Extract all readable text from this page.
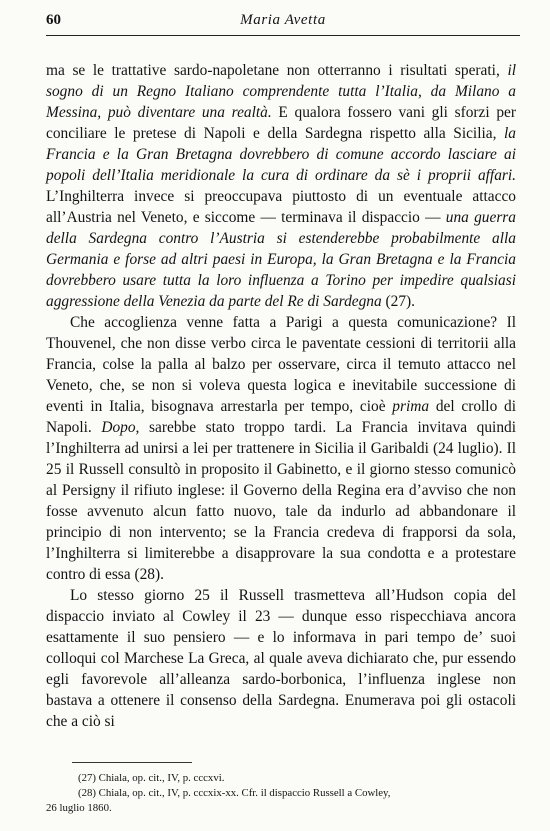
60	Maria Avetta

ma se le trattative sardo-napoletane non otterranno i risultati sperati, il sogno di un Regno Italiano comprendente tutta l’Italia, da Milano a Messina, può diventare una realtà. E qualora fossero vani gli sforzi per conciliare le pretese di Napoli e della Sardegna rispetto alla Sicilia, la Francia e la Gran Bretagna dovrebbero di comune accordo lasciare ai popoli dell’Italia meridionale la cura di ordinare da sè i proprii affari. L’Inghilterra invece si preoccupava piuttosto di un eventuale attacco all’Austria nel Veneto, e siccome — terminava il dispaccio — una guerra della Sardegna contro l’Austria si estenderebbe probabilmente alla Germania e forse ad altri paesi in Europa, la Gran Bretagna e la Francia dovrebbero usare tutta la loro influenza a Torino per impedire qualsiasi aggressione della Venezia da parte del Re di Sardegna (27).

Che accoglienza venne fatta a Parigi a questa comunicazione? Il Thouvenel, che non disse verbo circa le paventate cessioni di territorii alla Francia, colse la palla al balzo per osservare, circa il temuto attacco nel Veneto, che, se non si voleva questa logica e inevitabile successione di eventi in Italia, bisognava arrestarla per tempo, cioè prima del crollo di Napoli. Dopo, sarebbe stato troppo tardi. La Francia invitava quindi l’Inghilterra ad unirsi a lei per trattenere in Sicilia il Garibaldi (24 luglio). Il 25 il Russell consultò in proposito il Gabinetto, e il giorno stesso comunicò al Persigny il rifiuto inglese: il Governo della Regina era d’avviso che non fosse avvenuto alcun fatto nuovo, tale da indurlo ad abbandonare il principio di non intervento; se la Francia credeva di frapporsi da sola, l’Inghilterra si limiterebbe a disapprovare la sua condotta e a protestare contro di essa (28).

Lo stesso giorno 25 il Russell trasmetteva all’Hudson copia del dispaccio inviato al Cowley il 23 — dunque esso rispecchiava ancora esattamente il suo pensiero — e lo informava in pari tempo de’ suoi colloqui col Marchese La Greca, al quale aveva dichiarato che, pur essendo egli favorevole all’alleanza sardo-borbonica, l’influenza inglese non bastava a ottenere il consenso della Sardegna. Enumerava poi gli ostacoli che a ciò si

(27) Chiala, op. cit., IV, p. cccxvi.

(28) Chiala, op. cit., IV, p. cccxix-xx. Cfr. il dispaccio Russell a Cowley,

26 luglio 1860.
